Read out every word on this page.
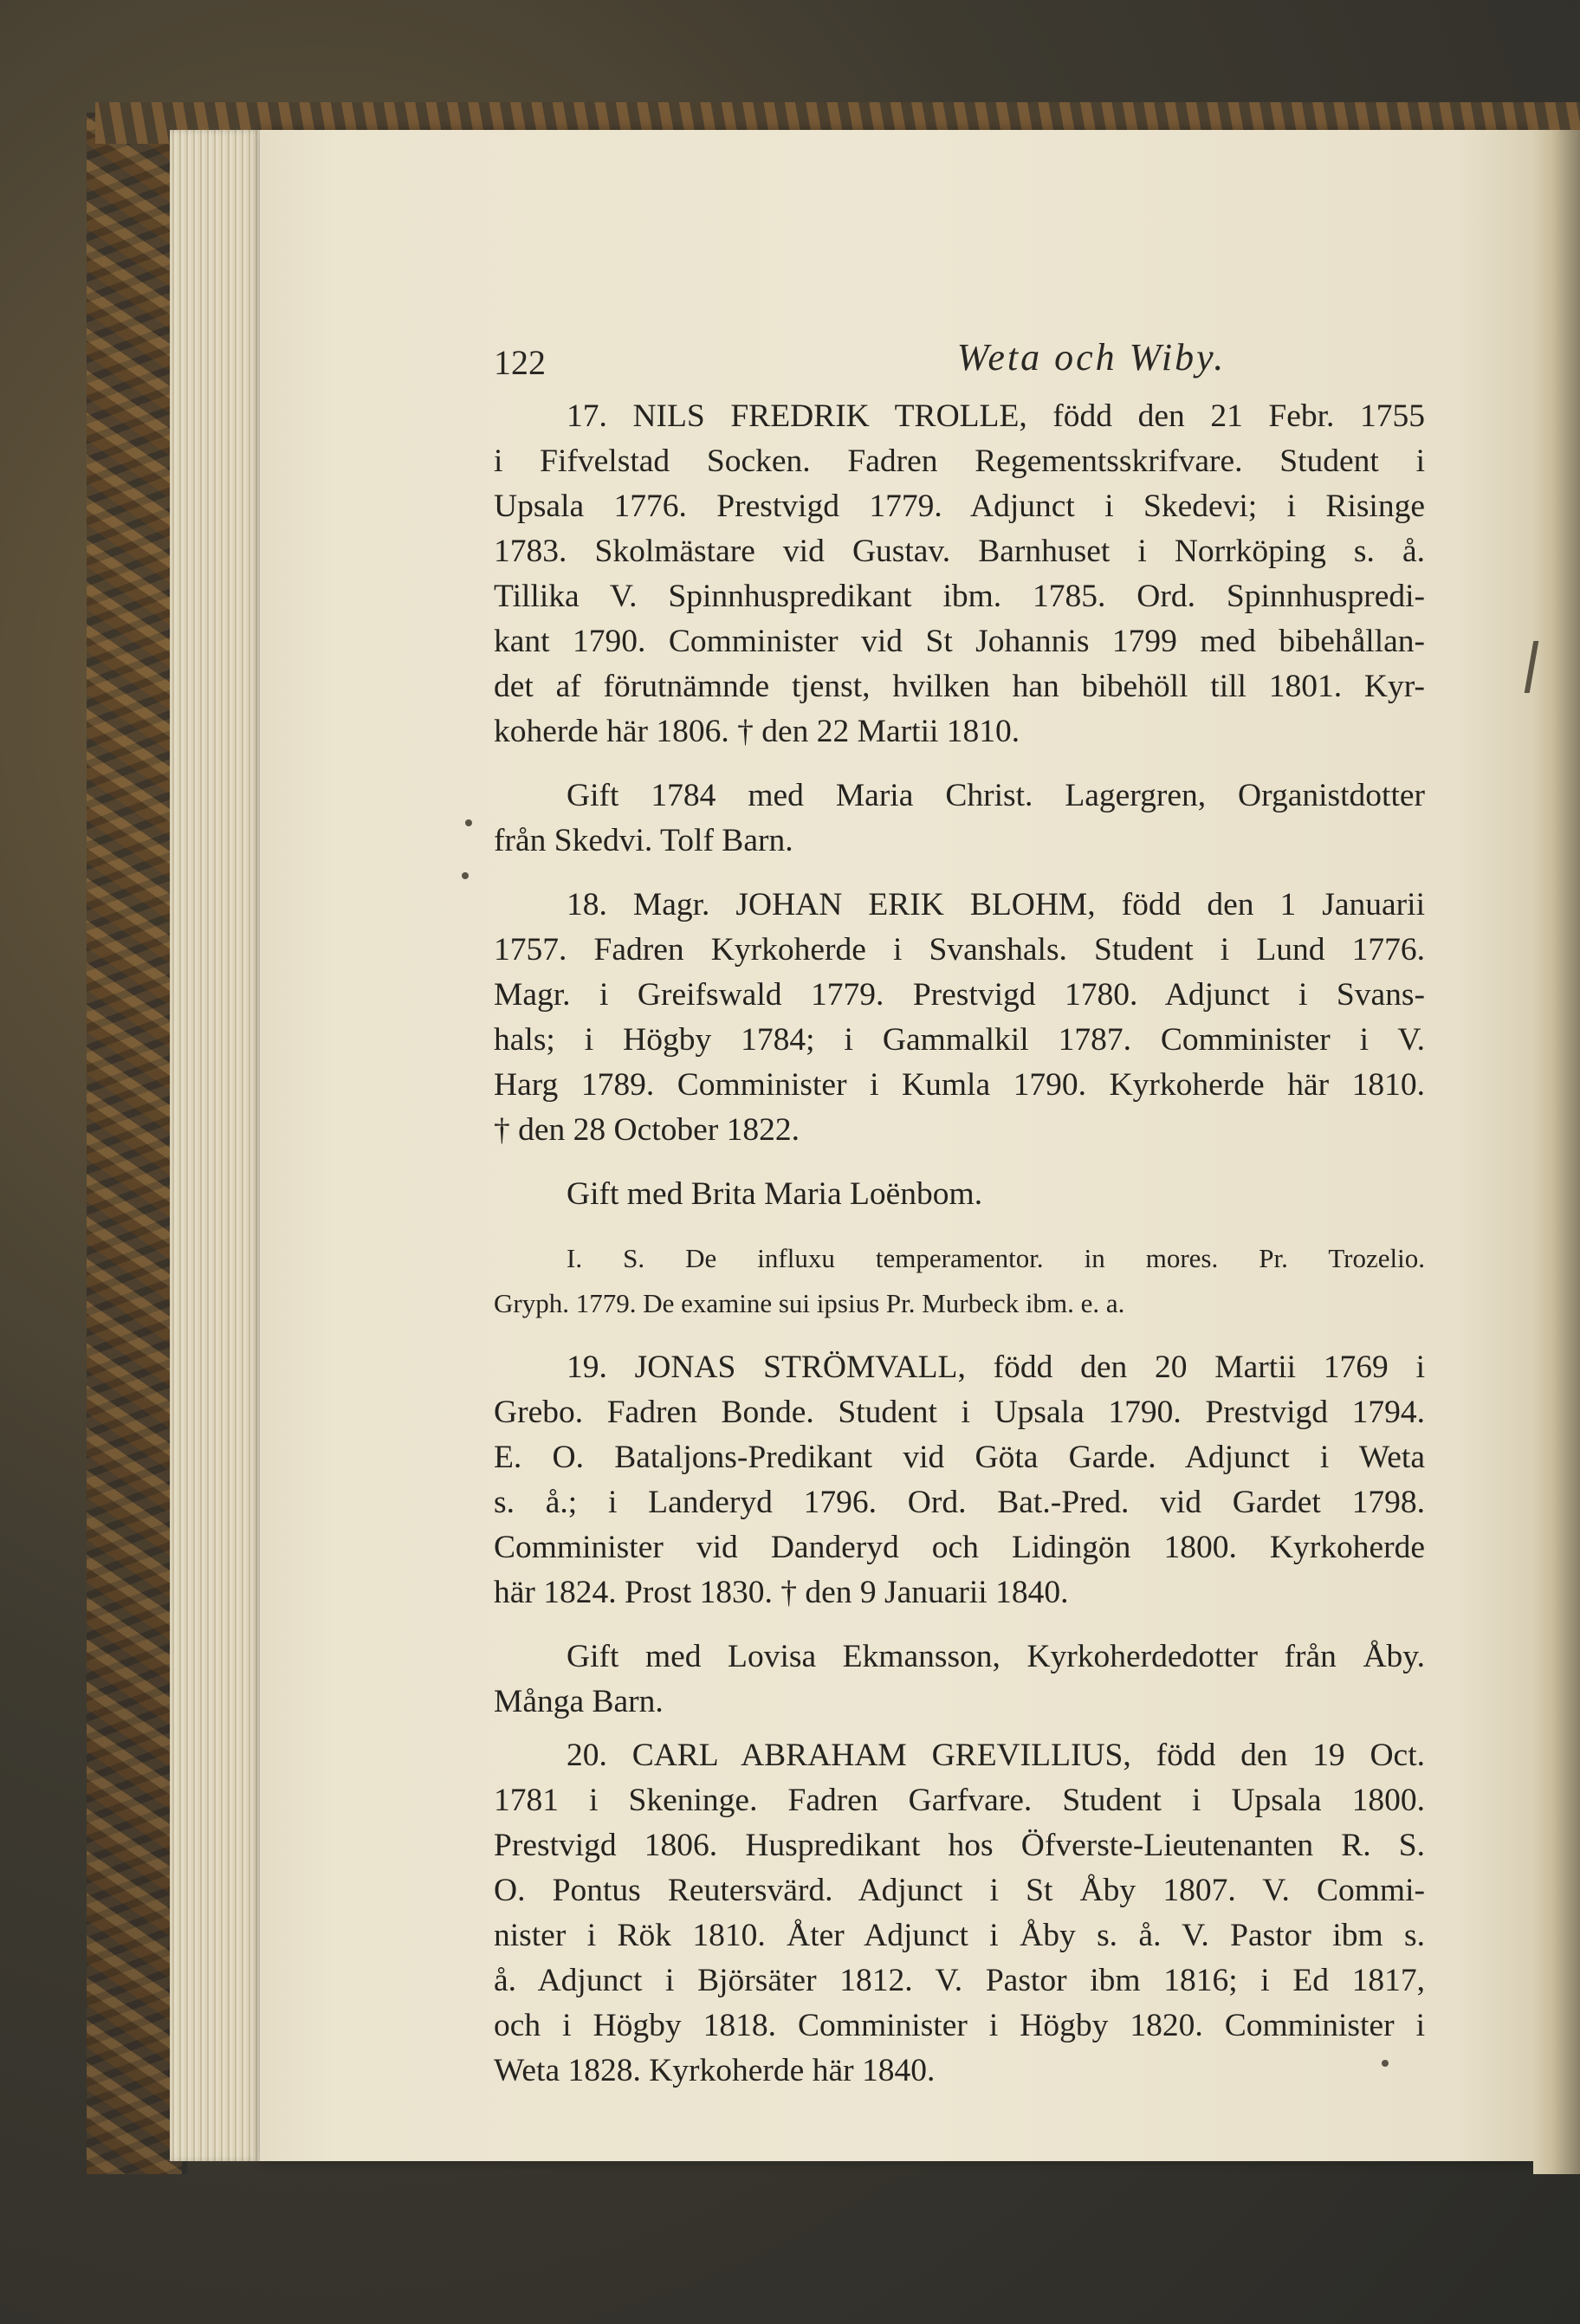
122	Weta och Wiby.
17. NILS FREDRIK TROLLE, född den 21 Febr. 1755
i Fifvelstad Socken. Fadren Regementsskrifvare. Student i
Upsala 1776. Prestvigd 1779. Adjunct i Skedevi; i Risinge
1783. Skolmästare vid Gustav. Barnhuset i Norrköping s. å.
Tillika V. Spinnhuspredikant ibm. 1785. Ord. Spinnhuspredi-
kant 1790. Comminister vid St Johannis 1799 med bibehållan-
det af förutnämnde tjenst, hvilken han bibehöll till 1801. Kyr-
koherde här 1806. † den 22 Martii 1810.
Gift 1784 med Maria Christ. Lagergren, Organistdotter
från Skedvi. Tolf Barn.
18. Magr. JOHAN ERIK BLOHM, född den 1 Januarii
1757. Fadren Kyrkoherde i Svanshals. Student i Lund 1776.
Magr. i Greifswald 1779. Prestvigd 1780. Adjunct i Svans-
hals; i Högby 1784; i Gammalkil 1787. Comminister i V.
Harg 1789. Comminister i Kumla 1790. Kyrkoherde här 1810.
† den 28 October 1822.
Gift med Brita Maria Loënbom.
I. S. De influxu temperamentor. in mores. Pr. Trozelio.
Gryph. 1779. De examine sui ipsius Pr. Murbeck ibm. e. a.
19. JONAS STRÖMVALL, född den 20 Martii 1769 i
Grebo. Fadren Bonde. Student i Upsala 1790. Prestvigd 1794.
E. O. Bataljons-Predikant vid Göta Garde. Adjunct i Weta
s. å.; i Landeryd 1796. Ord. Bat.-Pred. vid Gardet 1798.
Comminister vid Danderyd och Lidingön 1800. Kyrkoherde
här 1824. Prost 1830. † den 9 Januarii 1840.
Gift med Lovisa Ekmansson, Kyrkoherdedotter från Åby.
Många Barn.
20. CARL ABRAHAM GREVILLIUS, född den 19 Oct.
1781 i Skeninge. Fadren Garfvare. Student i Upsala 1800.
Prestvigd 1806. Huspredikant hos Öfverste-Lieutenanten R. S.
O. Pontus Reutersvärd. Adjunct i St Åby 1807. V. Commi-
nister i Rök 1810. Åter Adjunct i Åby s. å. V. Pastor ibm s.
å. Adjunct i Björsäter 1812. V. Pastor ibm 1816; i Ed 1817,
och i Högby 1818. Comminister i Högby 1820. Comminister i
Weta 1828. Kyrkoherde här 1840.
